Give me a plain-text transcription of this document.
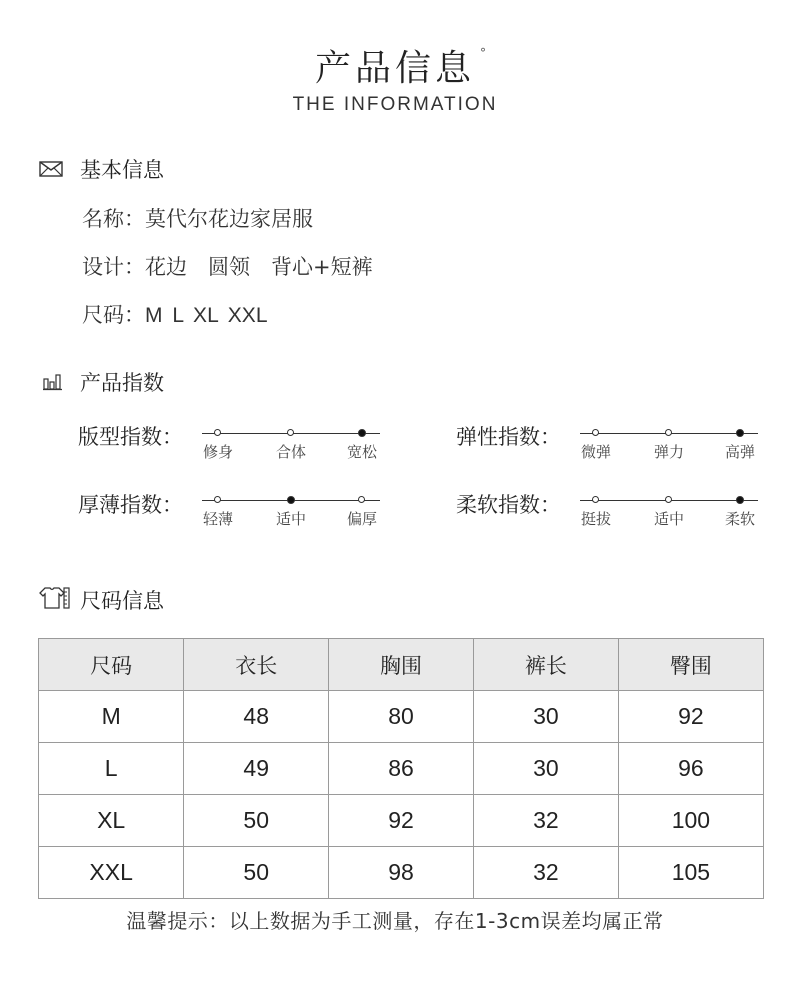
产品信息 °
THE INFORMATION
基本信息
名称：莫代尔花边家居服
设计：花边　圆领　背心+短裤
尺码：M L XL XXL
产品指数
版型指数：
修身	合体	宽松
弹性指数：
微弹	弹力	高弹
厚薄指数：
轻薄	适中	偏厚
柔软指数：
挺拔	适中	柔软
尺码信息
尺码	衣长	胸围	裤长	臀围
M	48	80	30	92
L	49	86	30	96
XL	50	92	32	100
XXL	50	98	32	105
温馨提示：以上数据为手工测量，存在1-3cm误差均属正常
